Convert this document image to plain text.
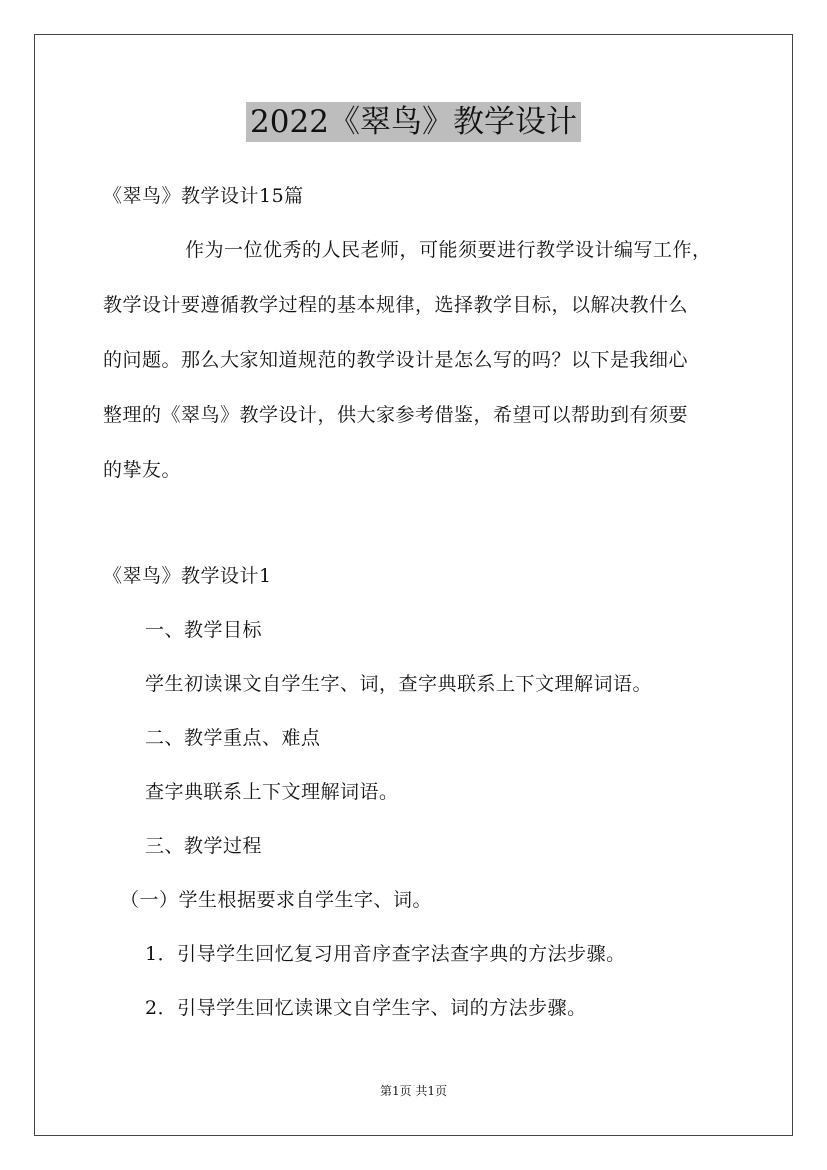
2022《翠鸟》教学设计
《翠鸟》教学设计15篇
作为一位优秀的人民老师，可能须要进行教学设计编写工作，
教学设计要遵循教学过程的基本规律，选择教学目标，以解决教什么
的问题。那么大家知道规范的教学设计是怎么写的吗？以下是我细心
整理的《翠鸟》教学设计，供大家参考借鉴，希望可以帮助到有须要
的挚友。
《翠鸟》教学设计1
一、教学目标
学生初读课文自学生字、词，查字典联系上下文理解词语。
二、教学重点、难点
查字典联系上下文理解词语。
三、教学过程
（一）学生根据要求自学生字、词。
1．引导学生回忆复习用音序查字法查字典的方法步骤。
2．引导学生回忆读课文自学生字、词的方法步骤。
第1页 共1页
